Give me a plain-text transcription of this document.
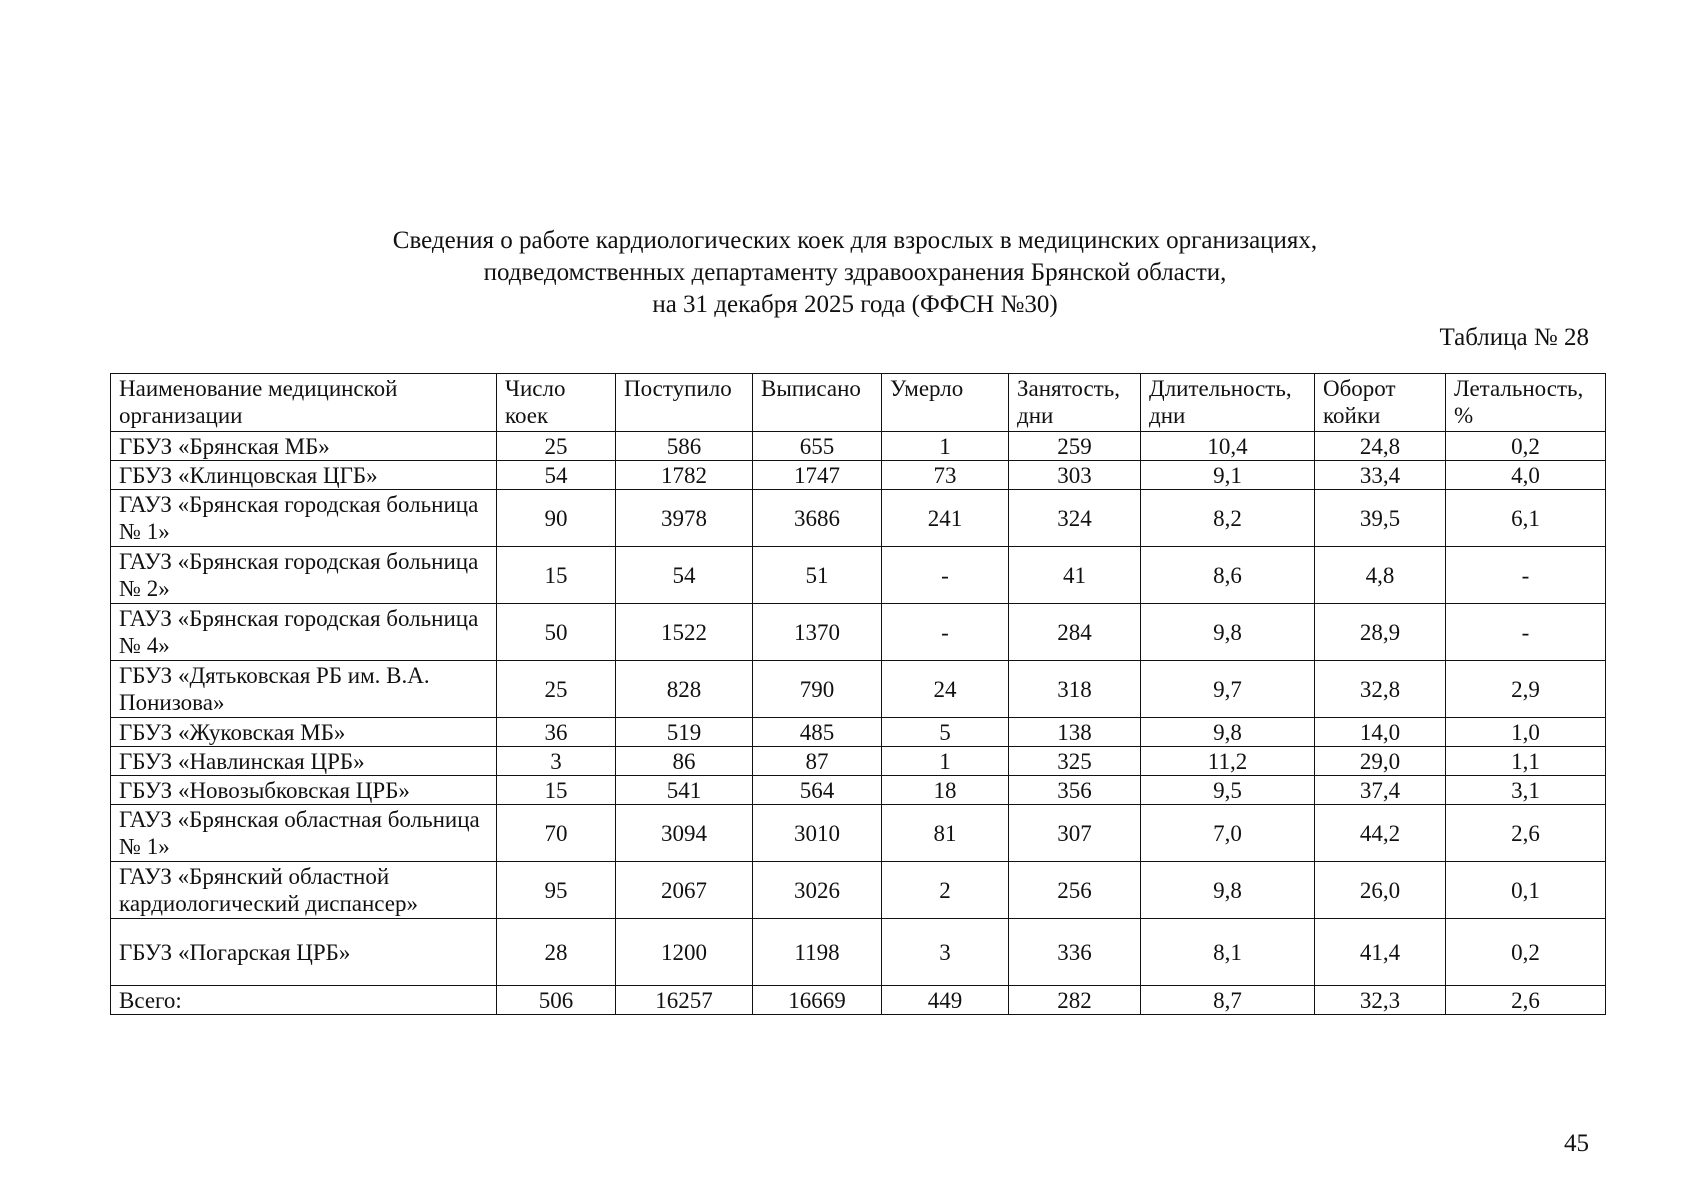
Сведения о работе кардиологических коек для взрослых в медицинских организациях,
подведомственных департаменту здравоохранения Брянской области,
на 31 декабря 2025 года (ФФСН №30)
Таблица № 28
Наименование медицинской организации	Число коек	Поступило	Выписано	Умерло	Занятость, дни	Длительность, дни	Оборот койки	Летальность, %
ГБУЗ «Брянская МБ»	25	586	655	1	259	10,4	24,8	0,2
ГБУЗ «Клинцовская ЦГБ»	54	1782	1747	73	303	9,1	33,4	4,0
ГАУЗ «Брянская городская больница № 1»	90	3978	3686	241	324	8,2	39,5	6,1
ГАУЗ «Брянская городская больница № 2»	15	54	51	-	41	8,6	4,8	-
ГАУЗ «Брянская городская больница № 4»	50	1522	1370	-	284	9,8	28,9	-
ГБУЗ «Дятьковская РБ им. В.А. Понизова»	25	828	790	24	318	9,7	32,8	2,9
ГБУЗ «Жуковская МБ»	36	519	485	5	138	9,8	14,0	1,0
ГБУЗ «Навлинская ЦРБ»	3	86	87	1	325	11,2	29,0	1,1
ГБУЗ «Новозыбковская ЦРБ»	15	541	564	18	356	9,5	37,4	3,1
ГАУЗ «Брянская областная больница № 1»	70	3094	3010	81	307	7,0	44,2	2,6
ГАУЗ «Брянский областной кардиологический диспансер»	95	2067	3026	2	256	9,8	26,0	0,1
ГБУЗ «Погарская ЦРБ»	28	1200	1198	3	336	8,1	41,4	0,2
Всего:	506	16257	16669	449	282	8,7	32,3	2,6
45
